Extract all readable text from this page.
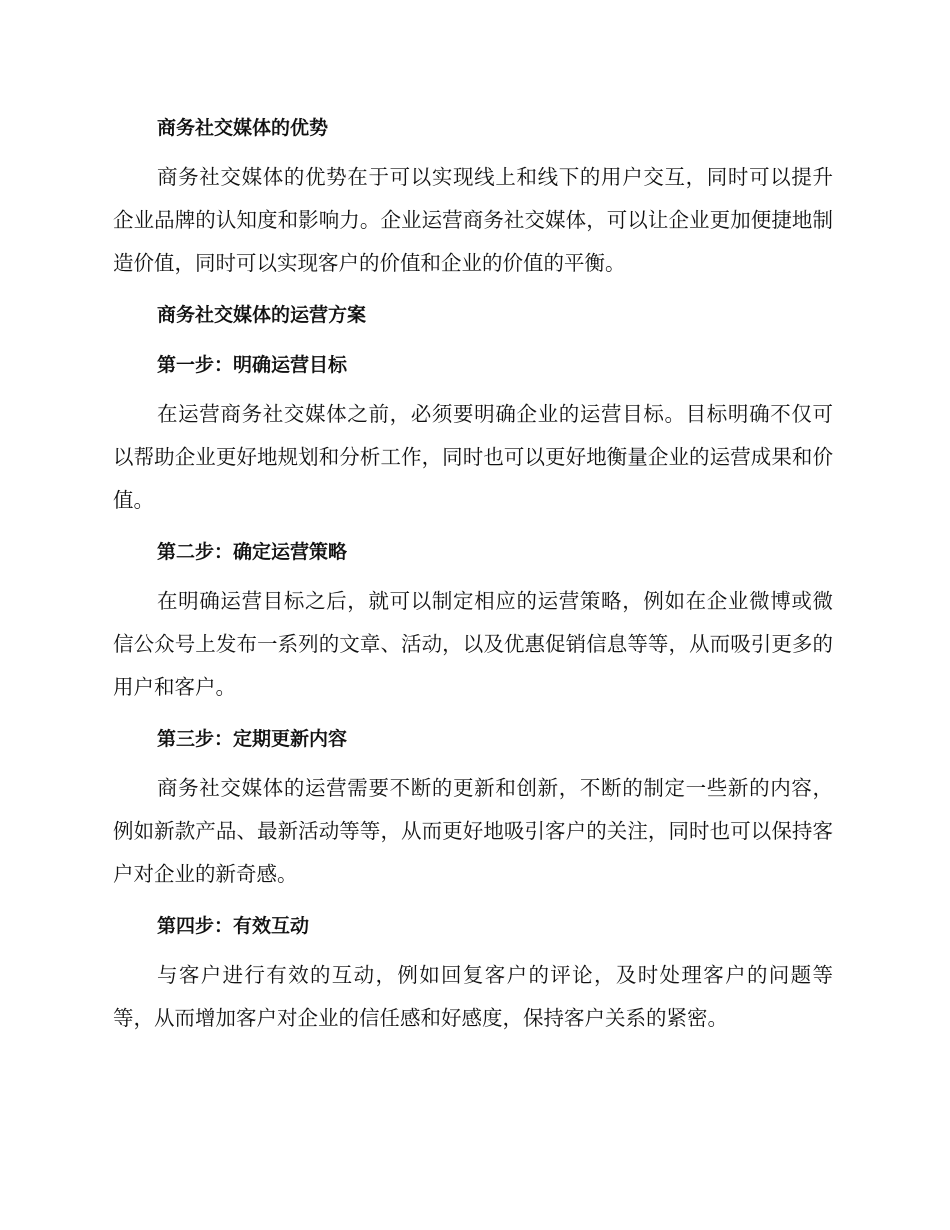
商务社交媒体的优势

商务社交媒体的优势在于可以实现线上和线下的用户交互，同时可以提升企业品牌的认知度和影响力。企业运营商务社交媒体，可以让企业更加便捷地制造价值，同时可以实现客户的价值和企业的价值的平衡。

商务社交媒体的运营方案
第一步：明确运营目标

在运营商务社交媒体之前，必须要明确企业的运营目标。目标明确不仅可以帮助企业更好地规划和分析工作，同时也可以更好地衡量企业的运营成果和价值。

第二步：确定运营策略

在明确运营目标之后，就可以制定相应的运营策略，例如在企业微博或微信公众号上发布一系列的文章、活动，以及优惠促销信息等等，从而吸引更多的用户和客户。

第三步：定期更新内容

商务社交媒体的运营需要不断的更新和创新，不断的制定一些新的内容，例如新款产品、最新活动等等，从而更好地吸引客户的关注，同时也可以保持客户对企业的新奇感。

第四步：有效互动

与客户进行有效的互动，例如回复客户的评论，及时处理客户的问题等等，从而增加客户对企业的信任感和好感度，保持客户关系的紧密。
